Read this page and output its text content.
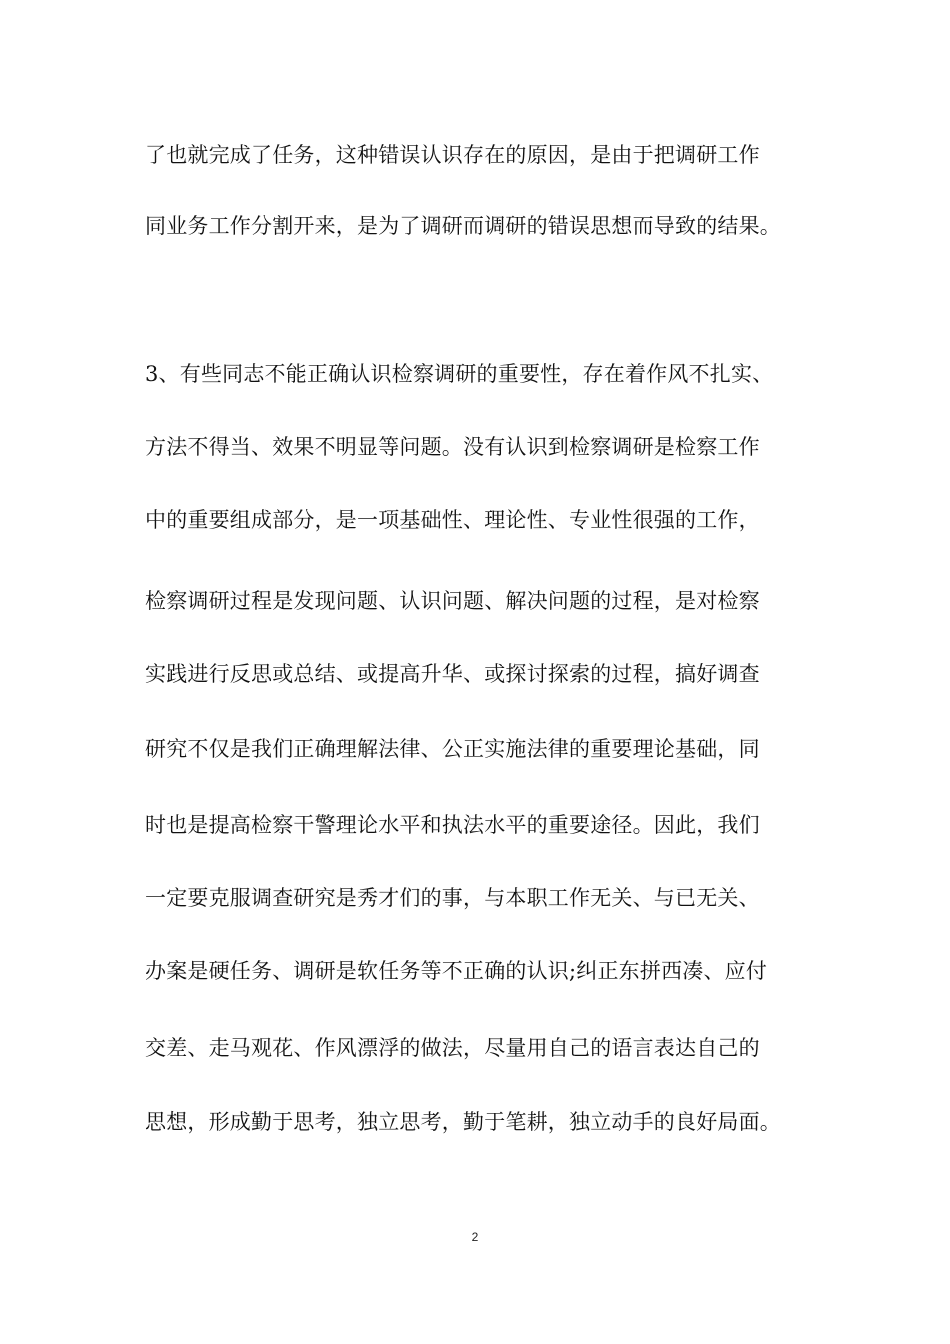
了也就完成了任务，这种错误认识存在的原因，是由于把调研工作
同业务工作分割开来，是为了调研而调研的错误思想而导致的结果。
3、有些同志不能正确认识检察调研的重要性，存在着作风不扎实、
方法不得当、效果不明显等问题。没有认识到检察调研是检察工作
中的重要组成部分，是一项基础性、理论性、专业性很强的工作，
检察调研过程是发现问题、认识问题、解决问题的过程，是对检察
实践进行反思或总结、或提高升华、或探讨探索的过程，搞好调查
研究不仅是我们正确理解法律、公正实施法律的重要理论基础，同
时也是提高检察干警理论水平和执法水平的重要途径。因此，我们
一定要克服调查研究是秀才们的事，与本职工作无关、与已无关、
办案是硬任务、调研是软任务等不正确的认识;纠正东拼西凑、应付
交差、走马观花、作风漂浮的做法，尽量用自己的语言表达自己的
思想，形成勤于思考，独立思考，勤于笔耕，独立动手的良好局面。
2
